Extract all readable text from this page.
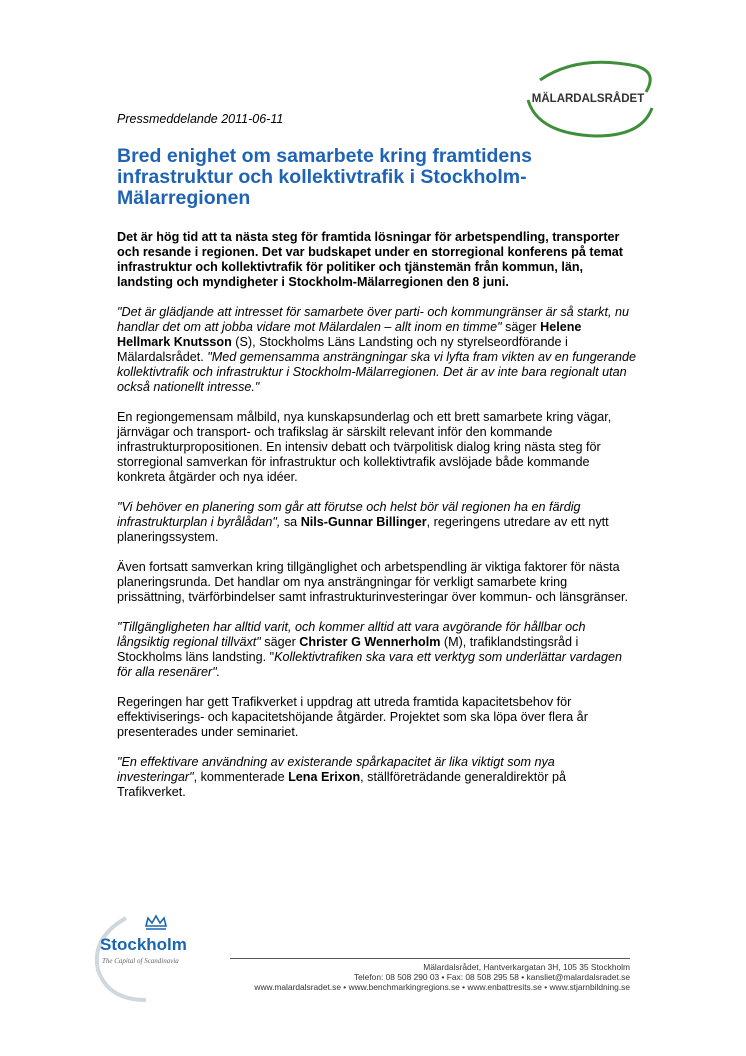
MÄLARDALSRÅDET
Pressmeddelande 2011-06-11
Bred enighet om samarbete kring framtidens infrastruktur och kollektivtrafik i Stockholm-Mälarregionen

Det är hög tid att ta nästa steg för framtida lösningar för arbetspendling, transporter och resande i regionen. Det var budskapet under en storregional konferens på temat infrastruktur och kollektivtrafik för politiker och tjänstemän från kommun, län, landsting och myndigheter i Stockholm-Mälarregionen den 8 juni.

"Det är glädjande att intresset för samarbete över parti- och kommungränser är så starkt, nu handlar det om att jobba vidare mot Mälardalen – allt inom en timme" säger Helene Hellmark Knutsson (S), Stockholms Läns Landsting och ny styrelseordförande i Mälardalsrådet. "Med gemensamma ansträngningar ska vi lyfta fram vikten av en fungerande kollektivtrafik och infrastruktur i Stockholm-Mälarregionen. Det är av inte bara regionalt utan också nationellt intresse."

En regiongemensam målbild, nya kunskapsunderlag och ett brett samarbete kring vägar, järnvägar och transport- och trafikslag är särskilt relevant inför den kommande infrastrukturpropositionen. En intensiv debatt och tvärpolitisk dialog kring nästa steg för storregional samverkan för infrastruktur och kollektivtrafik avslöjade både kommande konkreta åtgärder och nya idéer.

"Vi behöver en planering som går att förutse och helst bör väl regionen ha en färdig infrastrukturplan i byrålådan", sa Nils-Gunnar Billinger, regeringens utredare av ett nytt planeringssystem.

Även fortsatt samverkan kring tillgänglighet och arbetspendling är viktiga faktorer för nästa planeringsrunda. Det handlar om nya ansträngningar för verkligt samarbete kring prissättning, tvärförbindelser samt infrastrukturinvesteringar över kommun- och länsgränser.

"Tillgängligheten har alltid varit, och kommer alltid att vara avgörande för hållbar och långsiktig regional tillväxt" säger Christer G Wennerholm (M), trafiklandstingsråd i Stockholms läns landsting. "Kollektivtrafiken ska vara ett verktyg som underlättar vardagen för alla resenärer".

Regeringen har gett Trafikverket i uppdrag att utreda framtida kapacitetsbehov för effektiviserings- och kapacitetshöjande åtgärder. Projektet som ska löpa över flera år presenterades under seminariet.

"En effektivare användning av existerande spårkapacitet är lika viktigt som nya investeringar", kommenterade Lena Erixon, ställföreträdande generaldirektör på Trafikverket.

Stockholm
The Capital of Scandinavia
Mälardalsrådet, Hantverkargatan 3H, 105 35 Stockholm
Telefon: 08 508 290 03 • Fax: 08 508 295 58 • kansliet@malardalsradet.se
www.malardalsradet.se • www.benchmarkingregions.se • www.enbattresits.se • www.stjarnbildning.se
